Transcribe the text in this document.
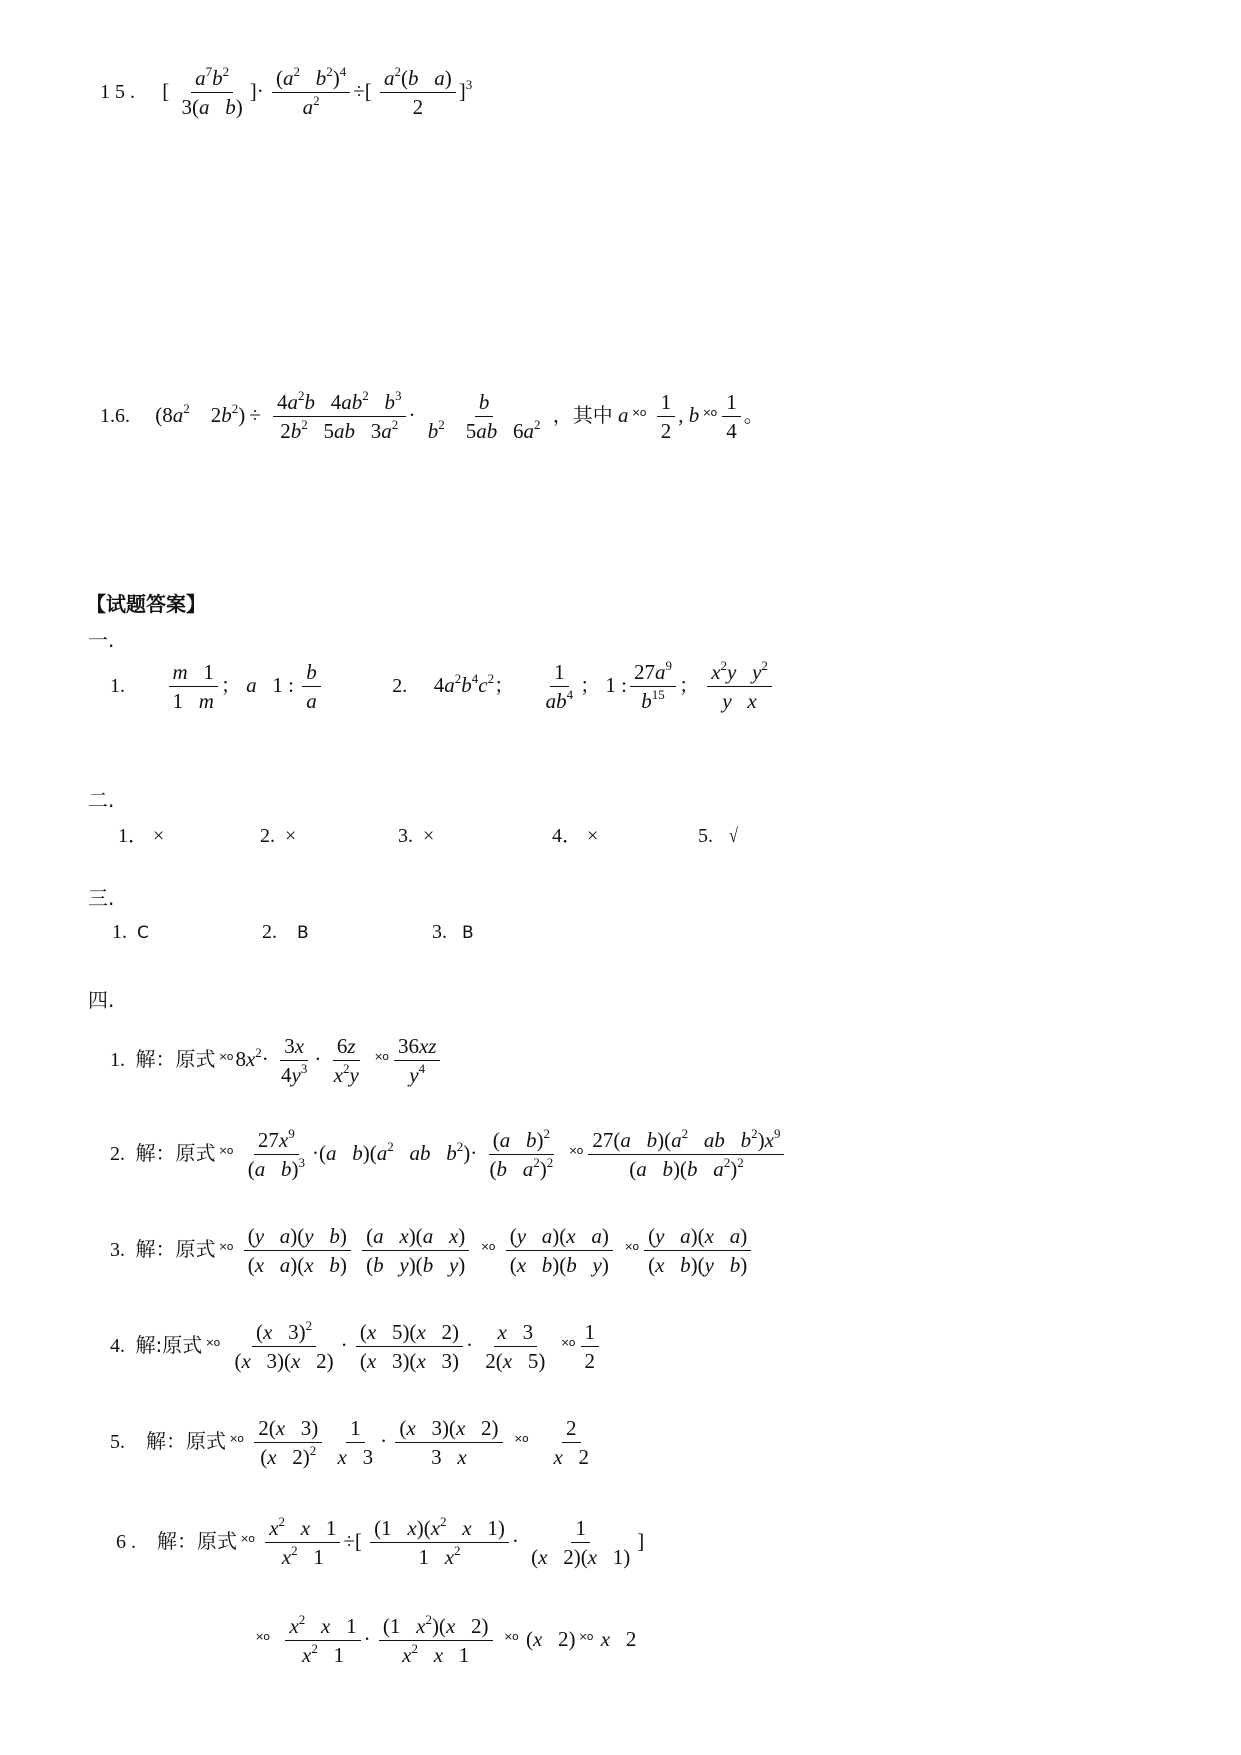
1 5 . [ $\frac{a^7b^2}{\text{3(a b)}}$ ]· $\frac{(a^2 b^2)^4}{a^2}$ ÷[ $\frac{a^2(b a)}{2} ]^3$
1.6. ($8a^2$    $2b^2) \div \frac{4a^2b 4ab^2 b^3}{2b^2 5ab 3a^2} \cdot \frac{b}{b^2 5ab 6a^2}$ ，其中 a $^{\times o} \frac{1}{2}$ , b $^{\times o} \frac{1}{4}$ 。
【试题答案】
一.
1. $\frac{m 1}{1 m}$ ； a   1 : $\frac{b}{a}$	2.  $4a^2b^4c^2$； $\frac{1}{ab^4}$ ； 1 : $\frac{27a^9}{b^{15}}$ ； $\frac{x^2y y^2}{\text{y x}}$
二.
1． ×	2. ×	3. ×	4． ×	5. √
三.
1. C	2. B	3. B
四.
1. 解：原式 $^{\times o}$ $8x^2\cdot \frac{3x}{4y^3} \cdot \frac{6z}{x^2y} ^{\times o} \frac{36xz}{y^4}$
2. 解：原式 $^{\times o} \frac{27x^9}{(a b)^3} \cdot(a$ $b)(a^2$ ab $b^2)\cdot \frac{(a b)^2}{(b a^2)^2} ^{\times o} \frac{27(a b)(a^2 ab b^2)x^9}{(a b)(b a^2)^2}$
3. 解：原式 $^{\times o} \frac{\text{(y a)(y b)}}{\text{(x a)(x b)}}$
$\frac{\text{(a x)(a x)}}{\text{(b y)(b y)}} ^{\times o} \frac{\text{(y a)(x a)}}{\text{(x b)(b y)}} ^{\times o} \frac{\text{(y a)(x a)}}{\text{(x b)(y b)}}$
4. 解:原式 $^{\times o} \frac{(x 3)^2}{(x 3)(x 2)} \cdot \frac{(x 5)(x 2)}{(x 3)(x 3)} \cdot \frac{x 3}{2(x 5)} ^{\times o} \frac{1}{2}$
5. 解：原式 $^{\times o} \frac{2(x 3)}{(x 2)^2}$
$\frac{1}{x 3} \cdot \frac{(x 3)(x 2)}{3 x} ^{\times o} \frac{2}{x 2}$
6 . 解：原式 $^{\times o} \frac{x^2 x 1}{x^2 1}$ ÷[ $\frac{(1 x)(x^2 x 1)}{1 x^2} \cdot \frac{1}{(x 2)(x 1)}$ ]
$^{\times o} \frac{x^2 x 1}{x^2 1} \cdot \frac{(1 x^2)(x 2)}{x^2 x 1} ^{\times o}$ (x   2) $^{\times o}$ x   2
